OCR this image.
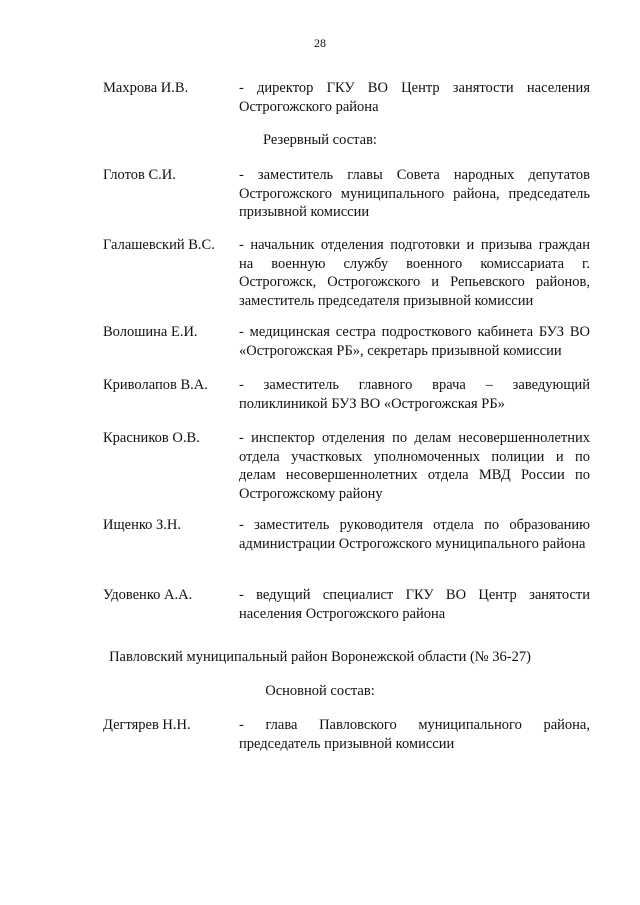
28
Махрова И.В.	- директор ГКУ ВО Центр занятости населения Острогожского района
Резервный состав:
Глотов С.И.	- заместитель главы Совета народных депутатов Острогожского муниципального района, председатель призывной комиссии
Галашевский В.С.	- начальник отделения подготовки и призыва граждан на военную службу военного комиссариата г. Острогожск, Острогожского и Репьевского районов, заместитель председателя призывной комиссии
Волошина Е.И.	- медицинская сестра подросткового кабинета БУЗ ВО «Острогожская РБ», секретарь призывной комиссии
Криволапов В.А.	- заместитель главного врача – заведующий поликлиникой БУЗ ВО «Острогожская РБ»
Красников О.В.	- инспектор отделения по делам несовершеннолетних отдела участковых уполномоченных полиции и по делам несовершеннолетних отдела МВД России по Острогожскому району
Ищенко З.Н.	- заместитель руководителя отдела по образованию администрации Острогожского муниципального района
Удовенко А.А.	- ведущий специалист ГКУ ВО Центр занятости населения Острогожского района
Павловский муниципальный район Воронежской области (№ 36-27)
Основной состав:
Дегтярев Н.Н.	- глава Павловского муниципального района, председатель призывной комиссии
